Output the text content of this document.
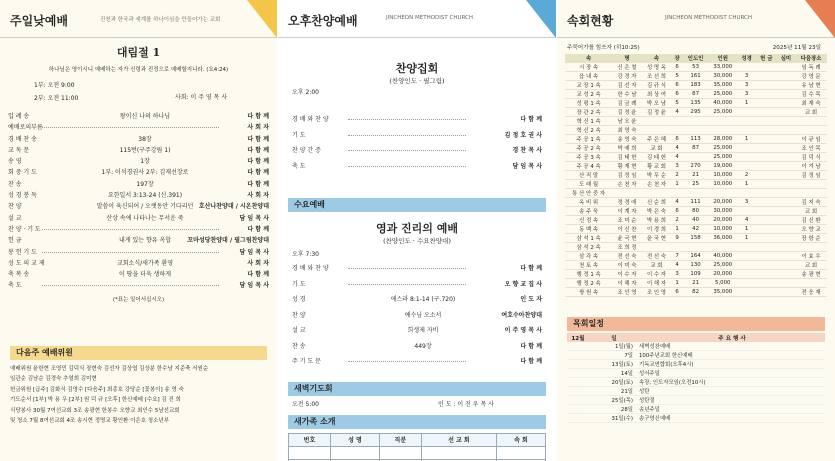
주일낮예배	진천과 한국과 세계를 하나이심을 만들어가는 교회
대림절 1
하나님은 영이시니 예배하는 자가 신령과 진정으로 예배할지니라. (요4:24)
1부: 오전 9:00
2부: 오전 11:00	사회: 이 주 영 목 사
입 례 송	왕이신 나의 하나님	다 함 께
예배로의부름	사 회 자
경 배 찬 송	38장	다 함 께
교 독 문	115번(구주강림 1)	다 함 께
송 영	1장	다 함 께
회 중 기 도	1부: 이석경권사 2부: 김재선장로	다 함 께
찬 송	197장	다 함 께
성 경 봉 독	요한일서 3:13-24 (신.391)	사 회 자
찬 양	말씀이 육신되어 / 오랫동안 기다리던 호산나찬양대 / 시온찬양대
설 교	산상 속에 나타나는 무서운 죽	담 임 목 사
찬 양 · 기 도	다 함 께
헌 금	내게 있는 향유 옥합	꼬마성당찬양대 / 필그림찬양대
봉 헌 기 도	담 임 목 사
성 도 의 교 제	교회소식/새가족 환영	사 회 자
축 복 송	이 땅을 더욱 생하게	다 함 께
축 도	담 임 목 사
(*표는 일어서십시오)
다음주 예배위원
예배위원 윤한현 조영민 김덕식 장현숙 김선자 김상엽 김상분 한수남 지준축 서원순
임관순 김남순 김경숙 추열희 김미현
헌금위원 [급주] 김화식 김영수 [다음주] 최종호 강당순 [꽃봉이] 송 영 숙
기도순서 [1부] 박 용 우 [2부] 원 덕 규 [오후] 한신예배 [수요] 김 진 희
식당봉사 30월 7여선교회 3조 송광현 한봉수 오향교 최인수 5남선교회
및 청소 7월 8여선교회 4조 송시현 정명교 황인환 이은호 청소년부
오후찬양예배	JINCHEON METHODIST CHURCH
찬양집회
(찬양인도 · 필그림)
오후 2:00
경 배 와 찬 양	다 함 께
기 도	김 정 호 권 사
찬 양 간 증	경 찬 목 사
축 도	담 임 목 사
수요예배
영과 진리의 예배
(찬양인도 · 수요찬양대)
오후 7:30
경 배 와 찬 양	다 함 께
기 도	오 향 교 집 사
성 경	에스라 8:1-14 (구.720)	인 도 자
찬 양	예수님 오소서	여호수아찬양대
설 교	희생제 자비	이 주 영 목 사
찬 송	449장	다 함 께
주 기 도 문	다 함 께
새벽기도회
오전 5:00	인 도 : 이 진 우 목 사
새가족 소개
번호	성 명	직분	선 교 회	속 회

속회현황	JINCHEON METHODIST CHURCH
주묵어가를 힘쓰자 (히10:25)	2025년 11월 23일
속	명	속	장	인도인	인원	성경	헌 금	심미	다음장소
시 장 속	신 은 철	성 명 옥	6	53	33,000				임 독 례
읍 내 속	강 경 자	조 선 희	5	161	30,000	3			강 영 문
교 장 1 속	김 선 자	김 규 식	6	183	35,000	3			유 남 현
교 성 2 속	한 수 남	최 상 여	6	87	25,000	3			김 수 목
성 평 1 속	김 금 례	박 오 남	5	135	40,000	1			최 재 숙
장 관 2 속	김 정 윤	김 정 윤	4	295	25,000				교 회
혁 신 1 속	남 오 윤								
혁 신 2 속	최 영 숙								
주 공 1 속	송 영 숙	주 은 혜	6	113	28,000	1			이 규 임
주 공 2 속	박 예 희	교 회	4	87	25,000				조 인 목
주 공 3 속	김 태 헌	김 태 헌	4		25,000				김 덕 식
주 공 4 속	황 재 현	황 교 회	3	270	19,000				이 겨 남
산 직 말	김 정 임	박 무 순	2	21	10,000	2			김 정 임
도 래 월	손 천 자	손 천 자	1	25	10,000	1			
통 산 안 중 자									
옥 비 위	정 경 애	신 순 희	4	111	20,000	3			김 지 숙
송 주 욱	이 계 자	박 은 숙	6	80	30,000				교 회
신 정 속	조 미 순	박 용 희	2	40	20,000	4			김 신 환
동 백 속	이 신 찬	이 경 희	1	42	10,000	1			오 향 교
삼 석 1 속	윤 국 현	윤 국 현	9	158	36,000	1			장 항 순
삼 석 2 속	조 희 정								
삼 각 속	전 선 숙	전 선 숙	7	164	40,000				이 효 우
천 토 속	이 미 숙	교 회	4	130	25,000				교 회
행 정 1 속	이 수 자	이 수 자	3	109	20,000				송 광 현
행 정 2 속	이 해 자	이 해 자	1	21	5,000				
쌍 원 속	조 인 영	조 인 영	6	82	35,000				전 응 재
목회일정
12월	일	주 요 행 사
	1일(월)	새벽성찬예배
	7일	100주년교회 한신예배
	13일(토)	기독교연합회(오후4시)
	14일	성서주일
	20일(토)	속장, 인도자모임(오전10시)
	21일	성탄
	25일(목)	성탄절
	28일	송년주일
	31일(수)	송구영신예배
